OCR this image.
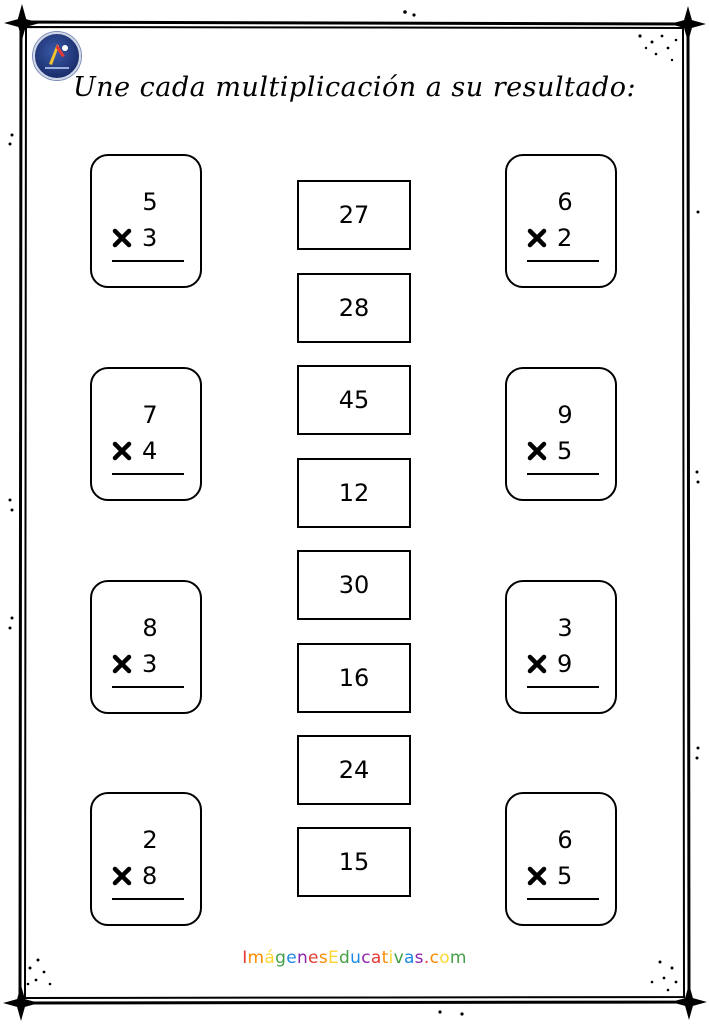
Une cada multiplicación a su resultado:
5
3
7
4
8
3
2
8
6
2
9
5
3
9
6
5
27
28
45
12
30
16
24
15
ImágenesEducativas.com
